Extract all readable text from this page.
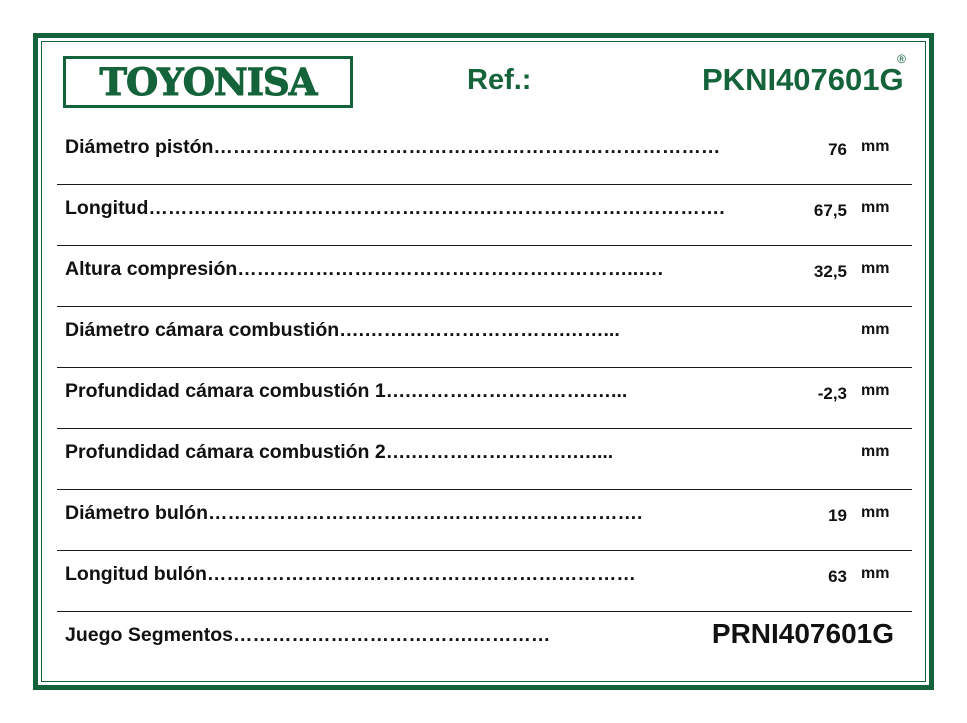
TOYONISA
®
Ref.:	PKNI407601G
Diámetro pistón……………………………………………………………………	76 mm
Longitud…………………………………………….……………………………….	67,5 mm
Altura compresión……………………………………………………..….	32,5 mm
Diámetro cámara combustión….………………………….……...	mm
Profundidad cámara combustión 1….……………………….…...	-2,3 mm
Profundidad cámara combustión 2….…………………….…....	mm
Diámetro bulón………………………………………………………….	19 mm
Longitud bulón…………………………………………………………	63 mm
Juego Segmentos……………………………….…………	PRNI407601G
